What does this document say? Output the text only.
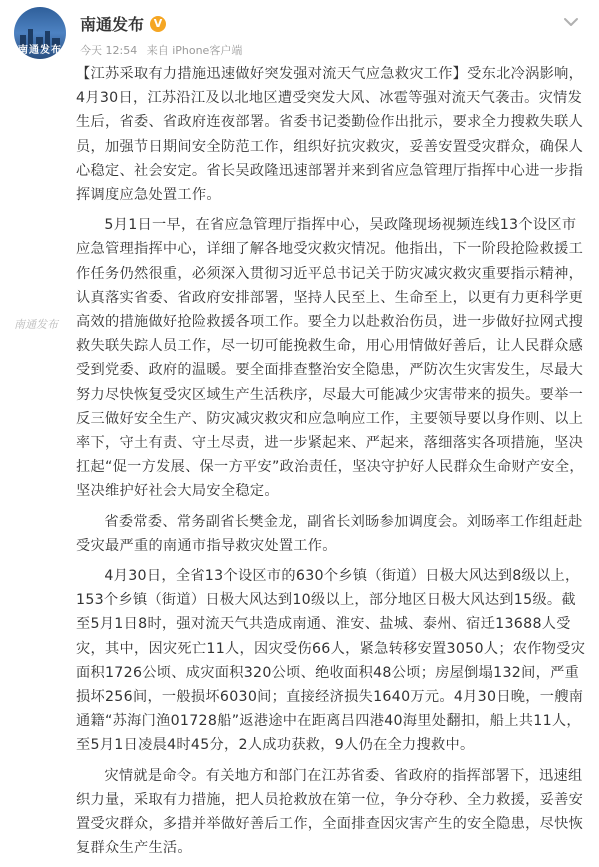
南通发布
南通发布 V
今天 12:54 来自 iPhone客户端

【江苏采取有力措施迅速做好突发强对流天气应急救灾工作】受东北冷涡影响，4月30日，江苏沿江及以北地区遭受突发大风、冰雹等强对流天气袭击。灾情发生后，省委、省政府连夜部署。省委书记娄勤俭作出批示，要求全力搜救失联人员，加强节日期间安全防范工作，组织好抗灾救灾，妥善安置受灾群众，确保人心稳定、社会安定。省长吴政隆迅速部署并来到省应急管理厅指挥中心进一步指挥调度应急处置工作。

5月1日一早，在省应急管理厅指挥中心，吴政隆现场视频连线13个设区市应急管理指挥中心，详细了解各地受灾救灾情况。他指出，下一阶段抢险救援工作任务仍然很重，必须深入贯彻习近平总书记关于防灾减灾救灾重要指示精神，认真落实省委、省政府安排部署，坚持人民至上、生命至上，以更有力更科学更高效的措施做好抢险救援各项工作。要全力以赴救治伤员，进一步做好拉网式搜救失联失踪人员工作，尽一切可能挽救生命，用心用情做好善后，让人民群众感受到党委、政府的温暖。要全面排查整治安全隐患，严防次生灾害发生，尽最大努力尽快恢复受灾区域生产生活秩序，尽最大可能减少灾害带来的损失。要举一反三做好安全生产、防灾减灾救灾和应急响应工作，主要领导要以身作则、以上率下，守土有责、守土尽责，进一步紧起来、严起来，落细落实各项措施，坚决扛起“促一方发展、保一方平安”政治责任，坚决守护好人民群众生命财产安全，坚决维护好社会大局安全稳定。

省委常委、常务副省长樊金龙，副省长刘旸参加调度会。刘旸率工作组赶赴受灾最严重的南通市指导救灾处置工作。

4月30日，全省13个设区市的630个乡镇（街道）日极大风达到8级以上，153个乡镇（街道）日极大风达到10级以上，部分地区日极大风达到15级。截至5月1日8时，强对流天气共造成南通、淮安、盐城、泰州、宿迁13688人受灾，其中，因灾死亡11人，因灾受伤66人，紧急转移安置3050人；农作物受灾面积1726公顷、成灾面积320公顷、绝收面积48公顷；房屋倒塌132间，严重损坏256间，一般损坏6030间；直接经济损失1640万元。4月30日晚，一艘南通籍“苏海门渔01728船”返港途中在距离吕四港40海里处翻扣，船上共11人，至5月1日凌晨4时45分，2人成功获救，9人仍在全力搜救中。

灾情就是命令。有关地方和部门在江苏省委、省政府的指挥部署下，迅速组织力量，采取有力措施，把人员抢救放在第一位，争分夺秒、全力救援，妥善安置受灾群众，多措并举做好善后工作，全面排查因灾害产生的安全隐患，尽快恢复群众生产生活。

南通发布
